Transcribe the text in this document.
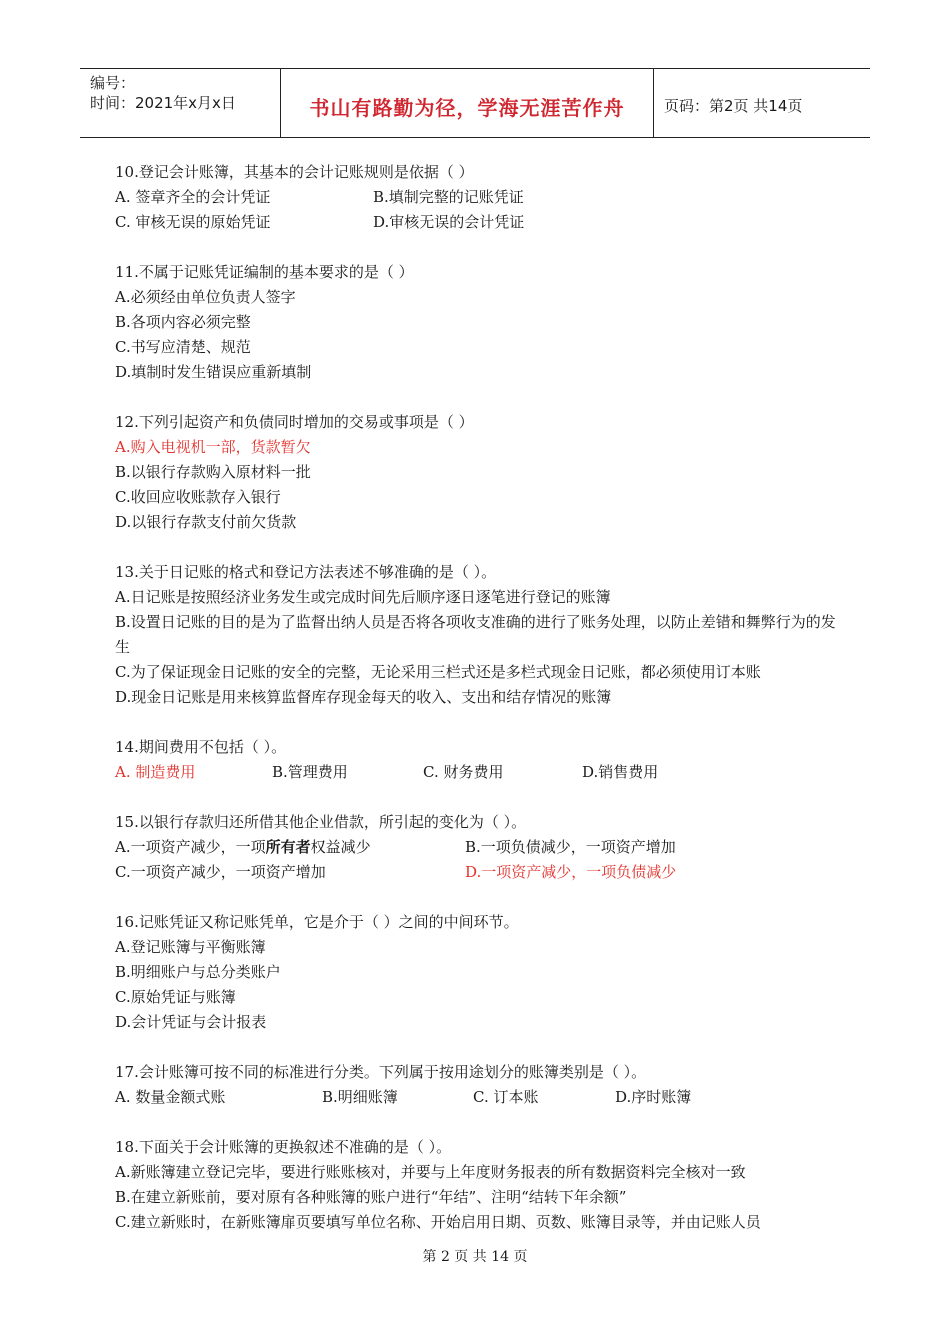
编号：
时间：2021年x月x日	书山有路勤为径，学海无涯苦作舟	页码：第2页 共14页
10.登记会计账簿，其基本的会计记账规则是依据（ ）
A. 签章齐全的会计凭证	B.填制完整的记账凭证
C. 审核无误的原始凭证	D.审核无误的会计凭证
11.不属于记账凭证编制的基本要求的是（ ）
A.必须经由单位负责人签字
B.各项内容必须完整
C.书写应清楚、规范
D.填制时发生错误应重新填制
12.下列引起资产和负债同时增加的交易或事项是（ ）
A.购入电视机一部，货款暂欠
B.以银行存款购入原材料一批
C.收回应收账款存入银行
D.以银行存款支付前欠货款
13.关于日记账的格式和登记方法表述不够准确的是（ ）。
A.日记账是按照经济业务发生或完成时间先后顺序逐日逐笔进行登记的账簿
B.设置日记账的目的是为了监督出纳人员是否将各项收支准确的进行了账务处理，以防止差错和舞弊行为的发生
C.为了保证现金日记账的安全的完整，无论采用三栏式还是多栏式现金日记账，都必须使用订本账
D.现金日记账是用来核算监督库存现金每天的收入、支出和结存情况的账簿
14.期间费用不包括（ ）。
A. 制造费用	B.管理费用	C. 财务费用	D.销售费用
15.以银行存款归还所借其他企业借款，所引起的变化为（ ）。
A.一项资产减少，一项所有者权益减少	B.一项负债减少，一项资产增加
C.一项资产减少，一项资产增加	D.一项资产减少，一项负债减少
16.记账凭证又称记账凭单，它是介于（ ）之间的中间环节。
A.登记账簿与平衡账簿
B.明细账户与总分类账户
C.原始凭证与账簿
D.会计凭证与会计报表
17.会计账簿可按不同的标准进行分类。下列属于按用途划分的账簿类别是（ ）。
A. 数量金额式账	B.明细账簿	C. 订本账	D.序时账簿
18.下面关于会计账簿的更换叙述不准确的是（ ）。
A.新账簿建立登记完毕，要进行账账核对，并要与上年度财务报表的所有数据资料完全核对一致
B.在建立新账前，要对原有各种账簿的账户进行“年结”、注明“结转下年余额”
C.建立新账时，在新账簿扉页要填写单位名称、开始启用日期、页数、账簿目录等，并由记账人员
第 2 页 共 14 页
